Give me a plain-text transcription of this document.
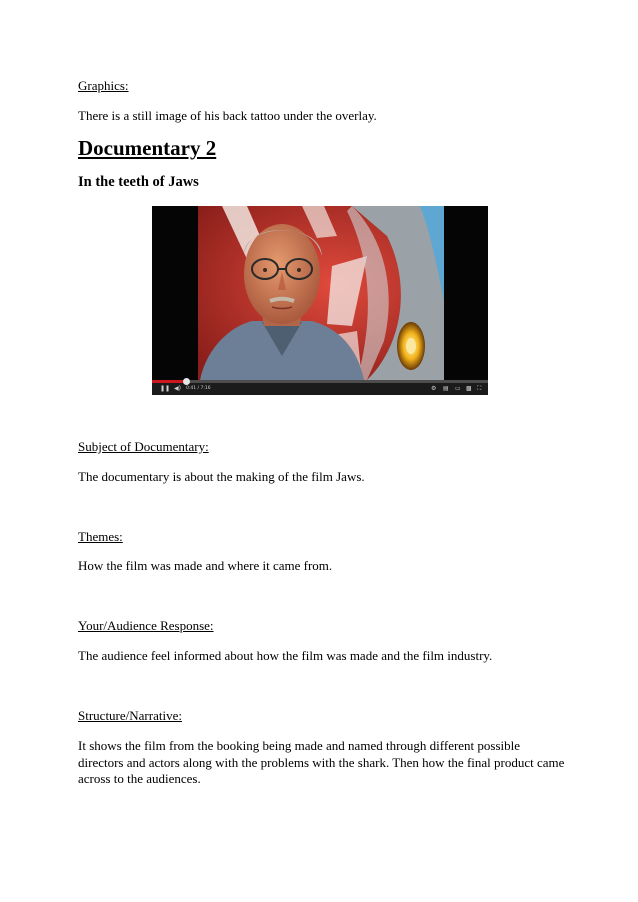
Graphics:

There is a still image of his back tattoo under the overlay.

Documentary 2
In the teeth of Jaws
❚❚ ◀) 0:41 / 7:16	⚙ ▤ ▭ ▩ ⛶

Subject of Documentary:

The documentary is about the making of the film Jaws.

Themes:

How the film was made and where it came from.

Your/Audience Response:

The audience feel informed about how the film was made and the film industry.

Structure/Narrative:

It shows the film from the booking being made and named through different possible
directors and actors along with the problems with the shark. Then how the final product came
across to the audiences.
